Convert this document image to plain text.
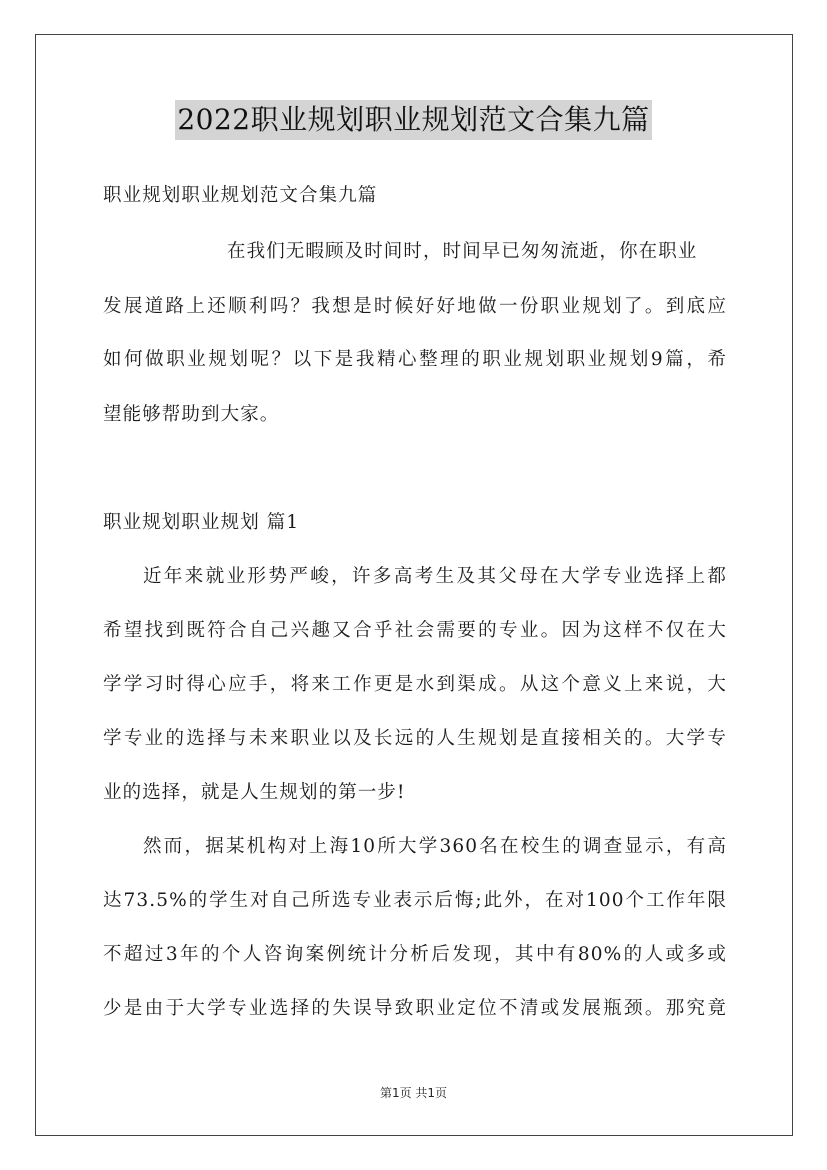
2022职业规划职业规划范文合集九篇
职业规划职业规划范文合集九篇
在我们无暇顾及时间时，时间早已匆匆流逝，你在职业
发展道路上还顺利吗？我想是时候好好地做一份职业规划了。到底应
如何做职业规划呢？以下是我精心整理的职业规划职业规划9篇，希
望能够帮助到大家。
职业规划职业规划 篇1
近年来就业形势严峻，许多高考生及其父母在大学专业选择上都
希望找到既符合自己兴趣又合乎社会需要的专业。因为这样不仅在大
学学习时得心应手，将来工作更是水到渠成。从这个意义上来说，大
学专业的选择与未来职业以及长远的人生规划是直接相关的。大学专
业的选择，就是人生规划的第一步!
然而，据某机构对上海10所大学360名在校生的调查显示，有高
达73.5%的学生对自己所选专业表示后悔;此外，在对100个工作年限
不超过3年的个人咨询案例统计分析后发现，其中有80%的人或多或
少是由于大学专业选择的失误导致职业定位不清或发展瓶颈。那究竟
第1页 共1页
